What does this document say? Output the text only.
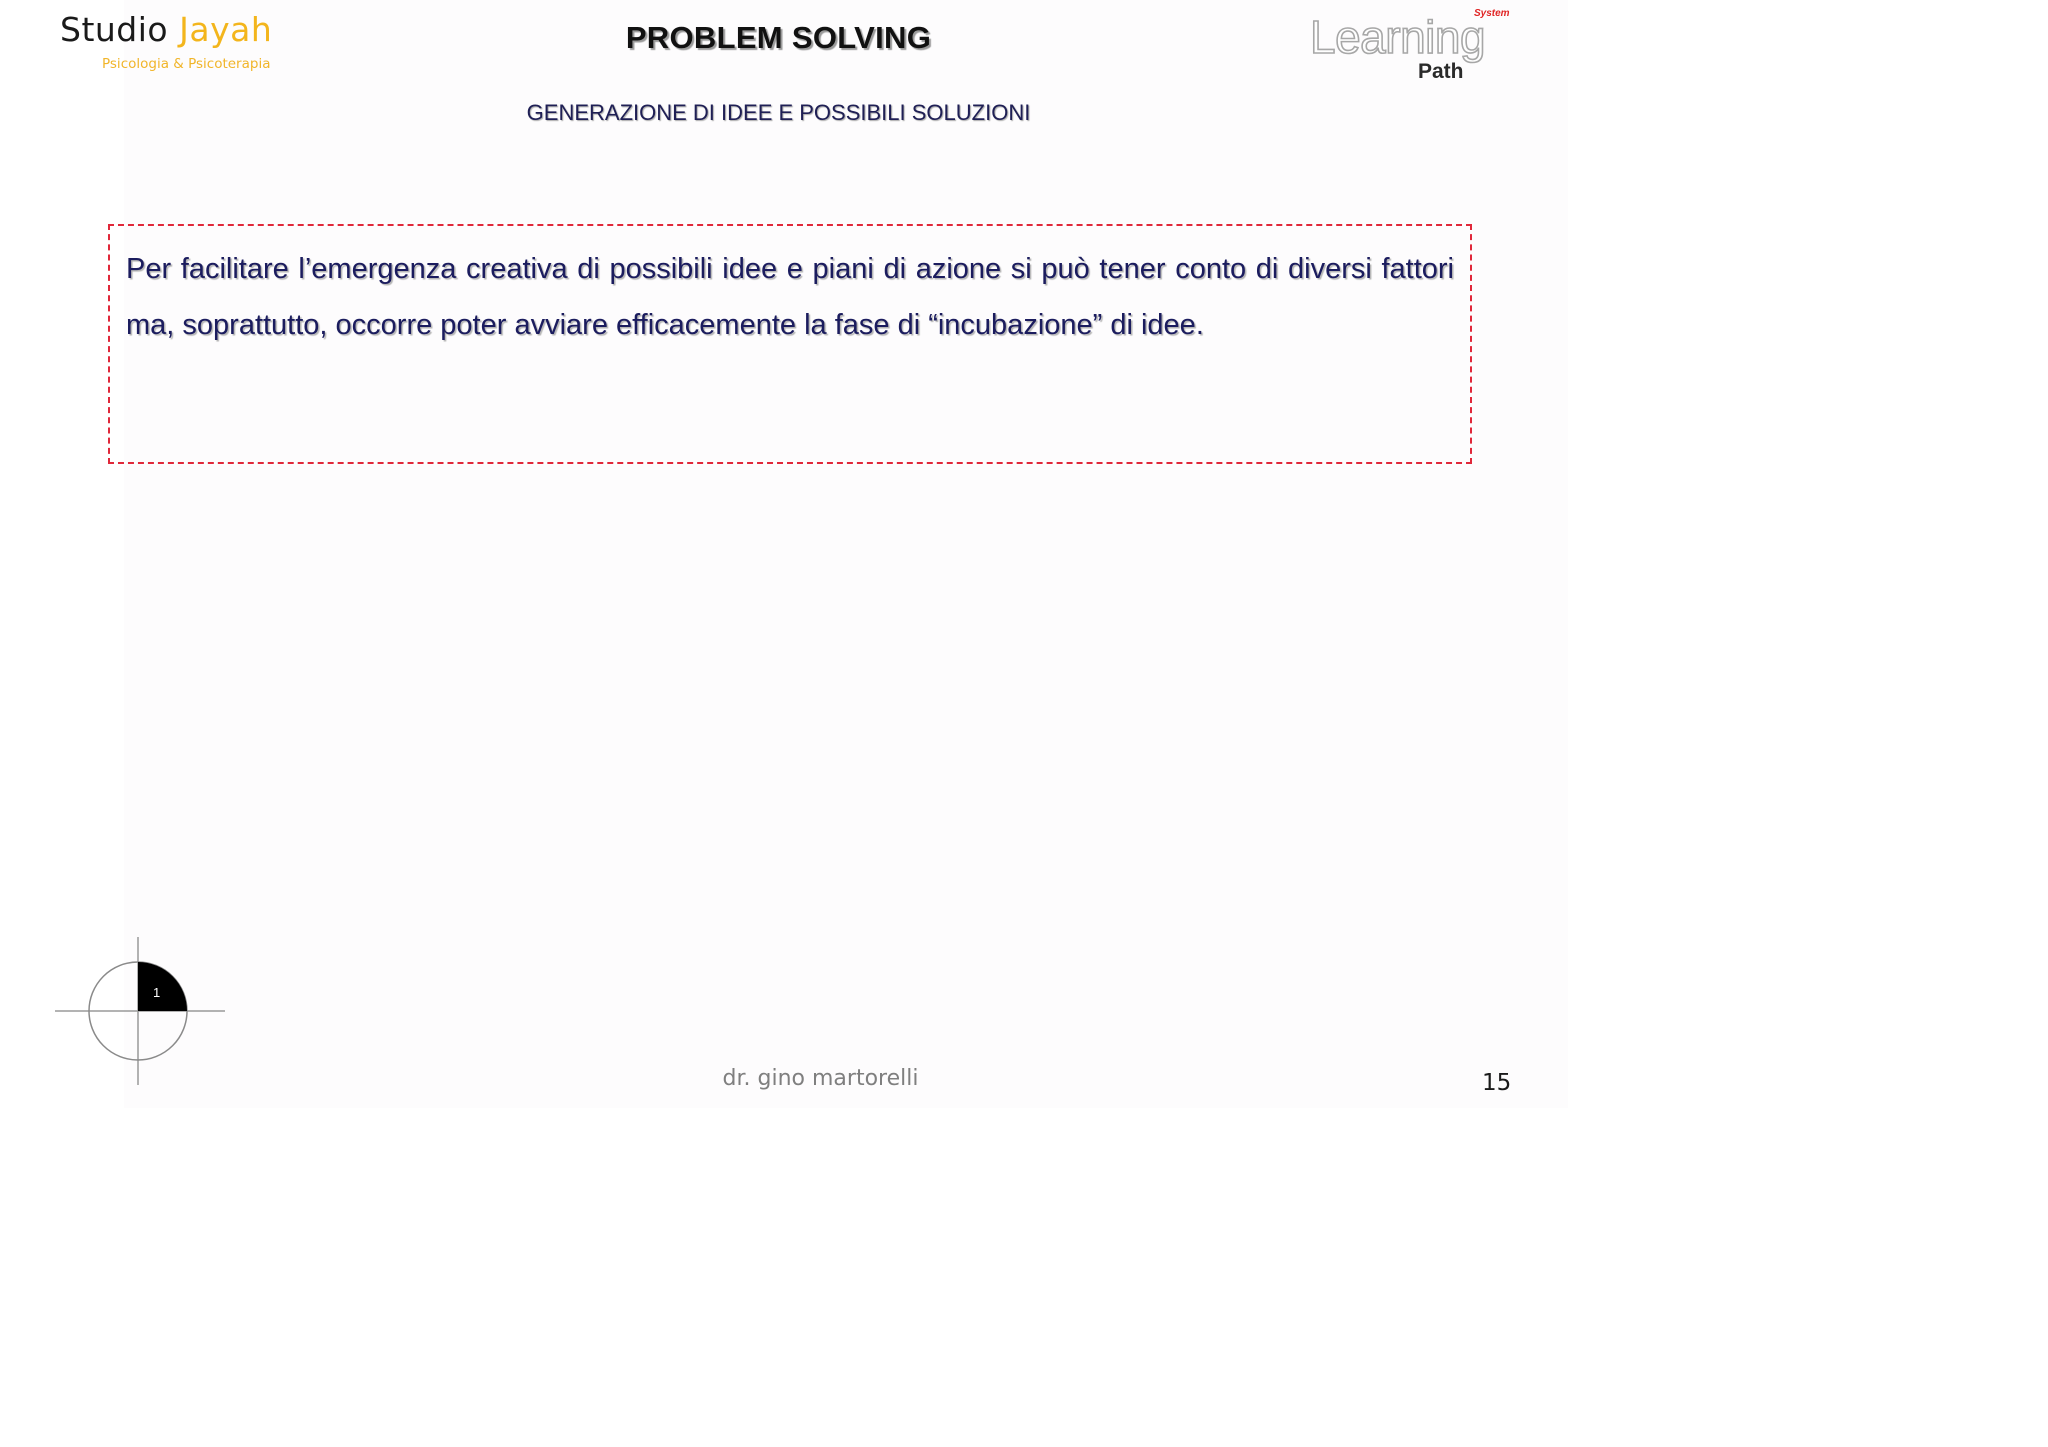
Studio Jayah
Psicologia & Psicoterapia
PROBLEM SOLVING
GENERAZIONE DI IDEE E POSSIBILI SOLUZIONI
System
Learning
Path

Per facilitare l’emergenza creativa di possibili idee e piani di azione si può tener conto di diversi fattori ma, soprattutto, occorre poter avviare efficacemente la fase di “incubazione” di idee.

1
dr. gino martorelli	15
